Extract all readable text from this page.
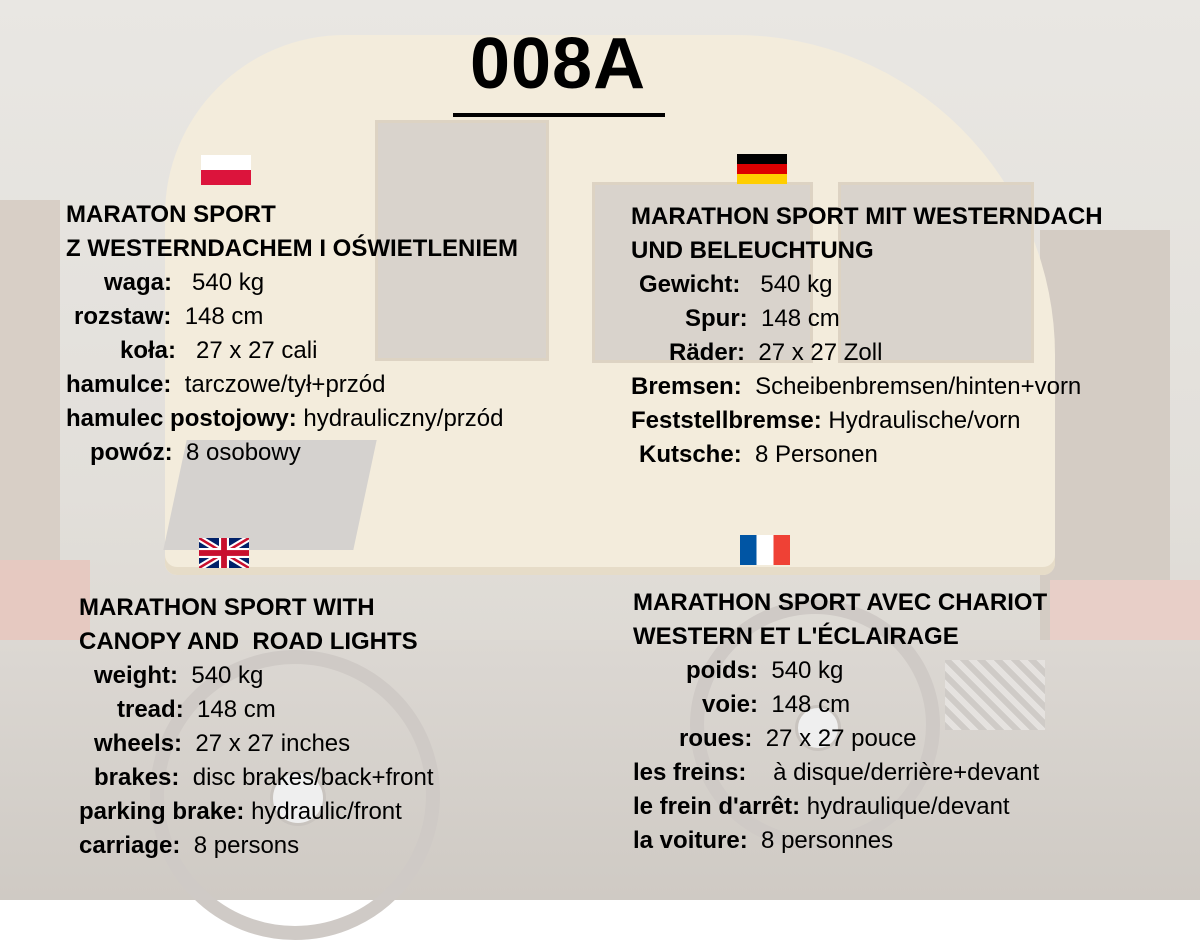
008A
MARATON SPORT
Z WESTERNDACHEM I OŚWIETLENIEM
waga: 540 kg
rozstaw: 148 cm
koła: 27 x 27 cali
hamulce: tarczowe/tył+przód
hamulec postojowy: hydrauliczny/przód
powóz: 8 osobowy
MARATHON SPORT MIT WESTERNDACH
UND BELEUCHTUNG
Gewicht: 540 kg
Spur: 148 cm
Räder: 27 x 27 Zoll
Bremsen: Scheibenbremsen/hinten+vorn
Feststellbremse: Hydraulische/vorn
Kutsche: 8 Personen
MARATHON SPORT WITH
CANOPY AND  ROAD LIGHTS
weight: 540 kg
tread: 148 cm
wheels: 27 x 27 inches
brakes: disc brakes/back+front
parking brake: hydraulic/front
carriage: 8 persons
MARATHON SPORT AVEC CHARIOT
WESTERN ET L'ÉCLAIRAGE
poids: 540 kg
voie: 148 cm
roues: 27 x 27 pouce
les freins: à disque/derrière+devant
le frein d'arrêt: hydraulique/devant
la voiture: 8 personnes
